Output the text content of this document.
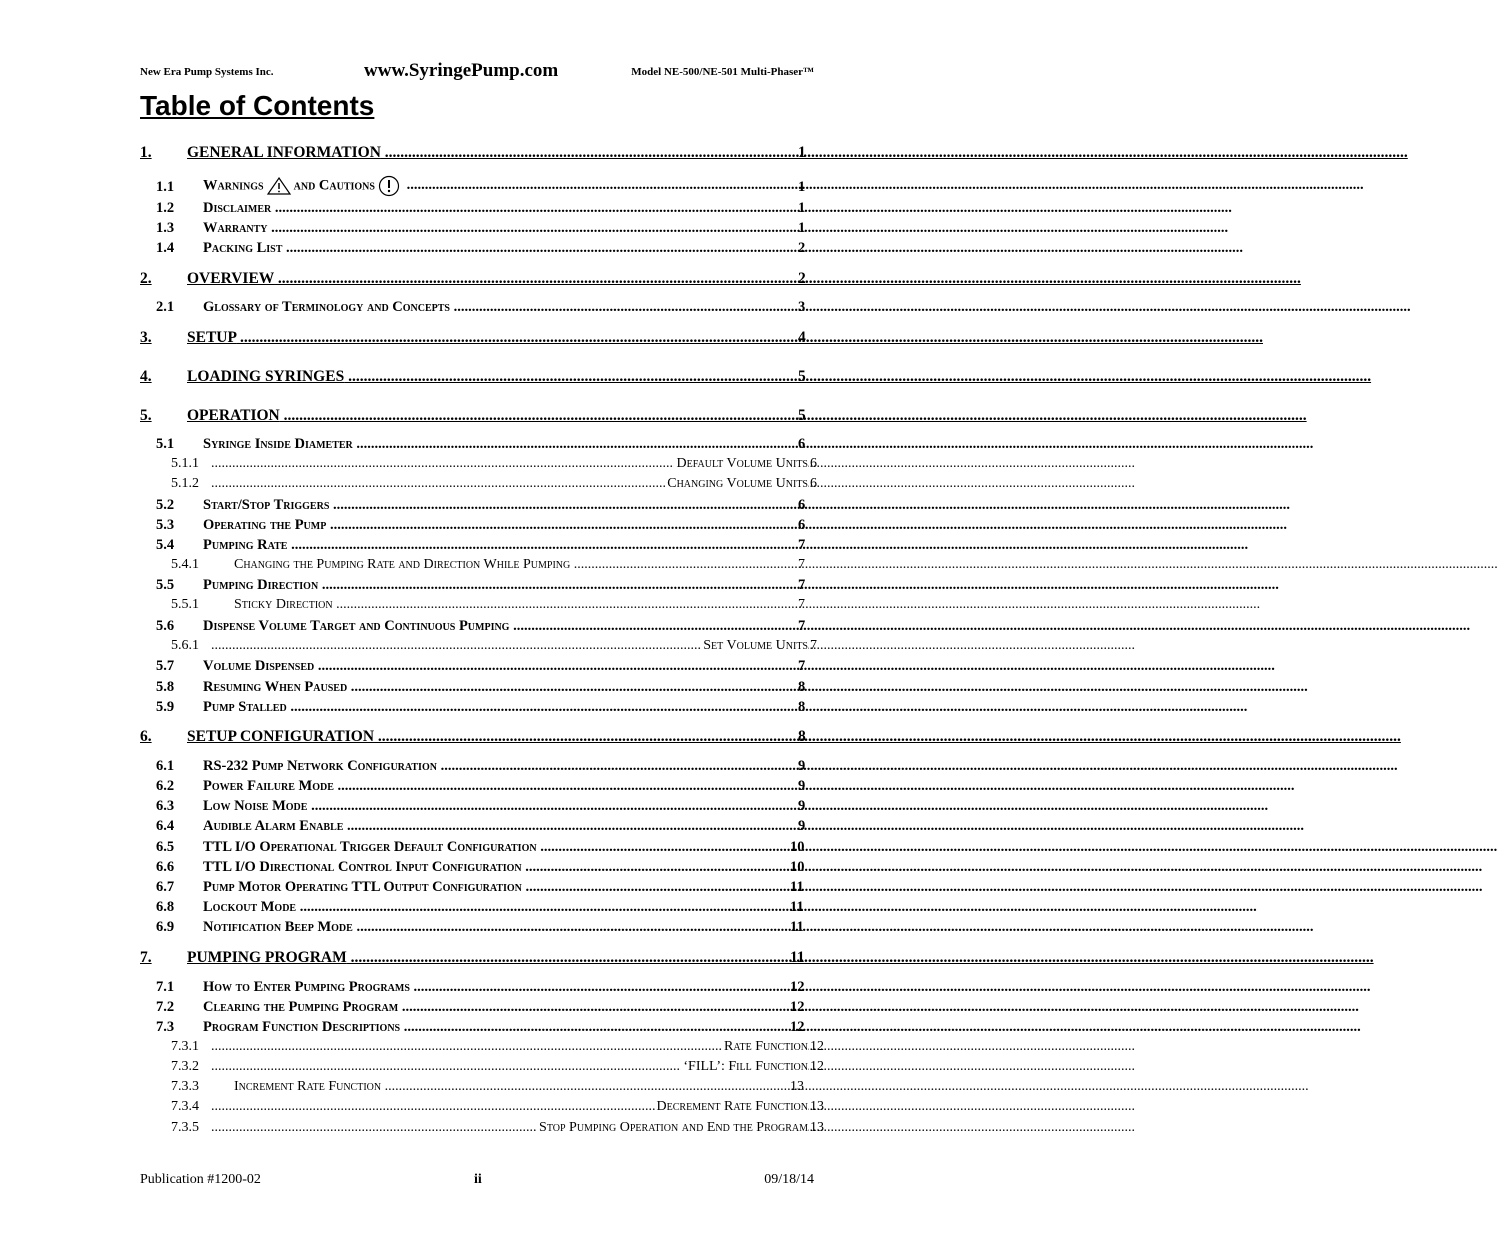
New Era Pump Systems Inc.	www.SyringePump.com	Model NE-500/NE-501 Multi-Phaser™
Table of Contents
1. GENERAL INFORMATION .....	1
1.1 Warnings and Cautions .....	1
1.2 Disclaimer .....	1
1.3 Warranty .....	1
1.4 Packing List .....	2
2. OVERVIEW .....	2
2.1 Glossary of Terminology and Concepts .....	3
3. SETUP .....	4
4. LOADING SYRINGES .....	5
5. OPERATION .....	5
5.1 Syringe Inside Diameter .....	6
5.1.1 .....	Default Volume Units 6
5.1.2 .....	Changing Volume Units 6
5.2 Start/Stop Triggers .....	6
5.3 Operating the Pump .....	6
5.4 Pumping Rate .....	7
5.4.1	Changing the Pumping Rate and Direction While Pumping .....	7
5.5 Pumping Direction .....	7
5.5.1	Sticky Direction .....	7
5.6 Dispense Volume Target and Continuous Pumping .....	7
5.6.1 .....	Set Volume Units 7
5.7 Volume Dispensed .....	7
5.8 Resuming When Paused .....	8
5.9 Pump Stalled .....	8
6. SETUP CONFIGURATION .....	8
6.1 RS-232 Pump Network Configuration .....	9
6.2 Power Failure Mode .....	9
6.3 Low Noise Mode .....	9
6.4 Audible Alarm Enable .....	9
6.5 TTL I/O Operational Trigger Default Configuration .....	10
6.6 TTL I/O Directional Control Input Configuration .....	10
6.7 Pump Motor Operating TTL Output Configuration .....	11
6.8 Lockout Mode .....	11
6.9 Notification Beep Mode .....	11
7. PUMPING PROGRAM .....	11
7.1 How to Enter Pumping Programs .....	12
7.2 Clearing the Pumping Program .....	12
7.3 Program Function Descriptions .....	12
7.3.1 .....	Rate Function 12
7.3.2 .....	‘FILL’: Fill Function 12
7.3.3	Increment Rate Function .....	13
7.3.4 .....	Decrement Rate Function 13
7.3.5 .....	Stop Pumping Operation and End the Program 13
Publication #1200-02	ii	09/18/14
